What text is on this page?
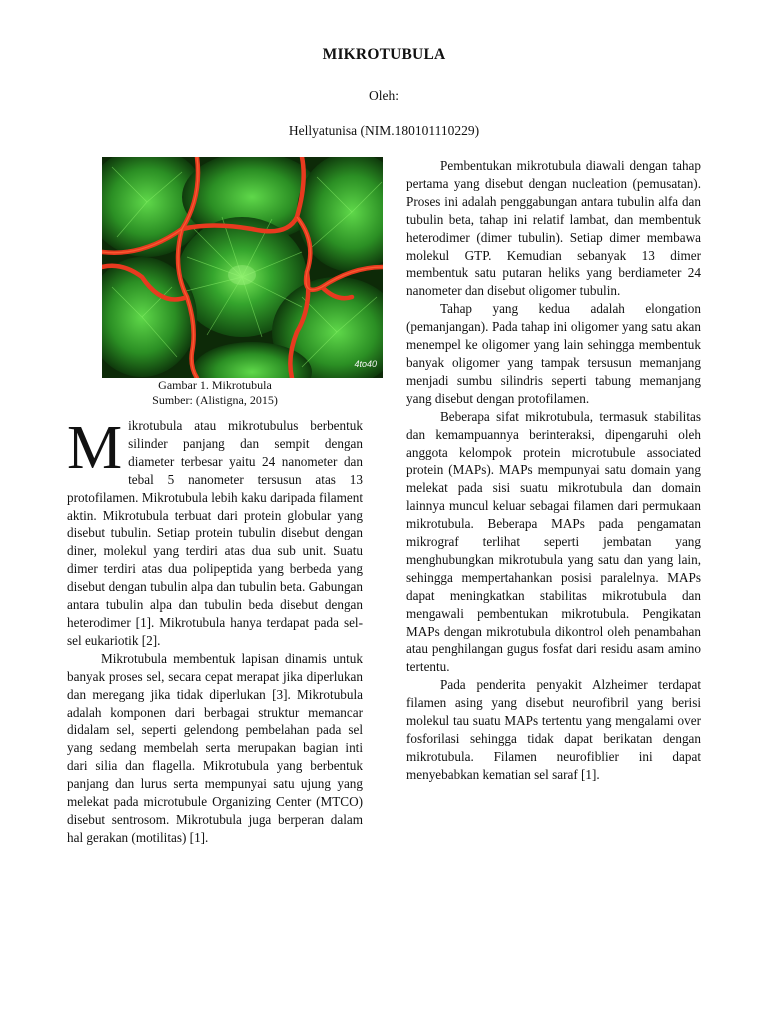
MIKROTUBULA
Oleh:
Hellyatunisa (NIM.180101110229)
4to40
Gambar 1. Mikrotubula
Sumber: (Alistigna, 2015)

Mikrotubula atau mikrotubulus berbentuk silinder panjang dan sempit dengan diameter terbesar yaitu 24 nanometer dan tebal 5 nanometer tersusun atas 13 protofilamen. Mikrotubula lebih kaku daripada filament aktin. Mikrotubula terbuat dari protein globular yang disebut tubulin. Setiap protein tubulin disebut dengan diner, molekul yang terdiri atas dua sub unit. Suatu dimer terdiri atas dua polipeptida yang berbeda yang disebut dengan tubulin alpa dan tubulin beta. Gabungan antara tubulin alpa dan tubulin beda disebut dengan heterodimer [1]. Mikrotubula hanya terdapat pada sel-sel eukariotik [2].

Mikrotubula membentuk lapisan dinamis untuk banyak proses sel, secara cepat merapat jika diperlukan dan meregang jika tidak diperlukan [3]. Mikrotubula adalah komponen dari berbagai struktur memancar didalam sel, seperti gelendong pembelahan pada sel yang sedang membelah serta merupakan bagian inti dari silia dan flagella. Mikrotubula yang berbentuk panjang dan lurus serta mempunyai satu ujung yang melekat pada microtubule Organizing Center (MTCO) disebut sentrosom. Mikrotubula juga berperan dalam hal gerakan (motilitas) [1].

Pembentukan mikrotubula diawali dengan tahap pertama yang disebut dengan nucleation (pemusatan). Proses ini adalah penggabungan antara tubulin alfa dan tubulin beta, tahap ini relatif lambat, dan membentuk heterodimer (dimer tubulin). Setiap dimer membawa molekul GTP. Kemudian sebanyak 13 dimer membentuk satu putaran heliks yang berdiameter 24 nanometer dan disebut oligomer tubulin.

Tahap yang kedua adalah elongation (pemanjangan). Pada tahap ini oligomer yang satu akan menempel ke oligomer yang lain sehingga membentuk banyak oligomer yang tampak tersusun memanjang menjadi sumbu silindris seperti tabung memanjang yang disebut dengan protofilamen.

Beberapa sifat mikrotubula, termasuk stabilitas dan kemampuannya berinteraksi, dipengaruhi oleh anggota kelompok protein microtubule associated protein (MAPs). MAPs mempunyai satu domain yang melekat pada sisi suatu mikrotubula dan domain lainnya muncul keluar sebagai filamen dari permukaan mikrotubula. Beberapa MAPs pada pengamatan mikrograf terlihat seperti jembatan yang menghubungkan mikrotubula yang satu dan yang lain, sehingga mempertahankan posisi paralelnya. MAPs dapat meningkatkan stabilitas mikrotubula dan mengawali pembentukan mikrotubula. Pengikatan MAPs dengan mikrotubula dikontrol oleh penambahan atau penghilangan gugus fosfat dari residu asam amino tertentu.

Pada penderita penyakit Alzheimer terdapat filamen asing yang disebut neurofibril yang berisi molekul tau suatu MAPs tertentu yang mengalami over fosforilasi sehingga tidak dapat berikatan dengan mikrotubula. Filamen neurofiblier ini dapat menyebabkan kematian sel saraf [1].
